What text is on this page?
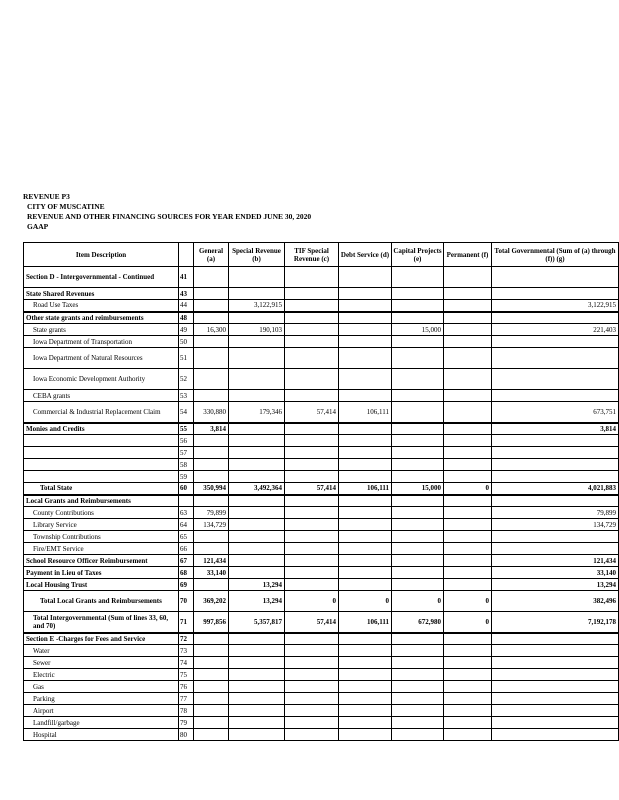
REVENUE P3
CITY OF MUSCATINE
REVENUE AND OTHER FINANCING SOURCES FOR YEAR ENDED JUNE 30, 2020
GAAP
Item Description		General (a)	Special Revenue (b)	TIF Special Revenue (c)	Debt Service (d)	Capital Projects (e)	Permanent (f)	Total Governmental (Sum of (a) through (f)) (g)
Section D - Intergovernmental - Continued	41							
State Shared Revenues	43							
Road Use Taxes	44		3,122,915					3,122,915
Other state grants and reimbursements	48							
State grants	49	16,300	190,103			15,000		221,403
Iowa Department of Transportation	50							
Iowa Department of Natural Resources	51							
Iowa Economic Development Authority	52							
CEBA grants	53							
Commercial & Industrial Replacement Claim	54	330,880	179,346	57,414	106,111			673,751
Monies and Credits	55	3,814						3,814
	56							
	57							
	58							
	59							
Total State	60	350,994	3,492,364	57,414	106,111	15,000	0	4,021,883
Local Grants and Reimbursements								
County Contributions	63	79,899						79,899
Library Service	64	134,729						134,729
Township Contributions	65							
Fire/EMT Service	66							
School Resource Officer Reimbursement	67	121,434						121,434
Payment in Lieu of Taxes	68	33,140						33,140
Local Housing Trust	69		13,294					13,294
Total Local Grants and Reimbursements	70	369,202	13,294	0	0	0	0	382,496
Total Intergovernmental (Sum of lines 33, 60, and 70)	71	997,856	5,357,817	57,414	106,111	672,980	0	7,192,178
Section E -Charges for Fees and Service	72							
Water	73							
Sewer	74							
Electric	75							
Gas	76							
Parking	77							
Airport	78							
Landfill/garbage	79							
Hospital	80							
